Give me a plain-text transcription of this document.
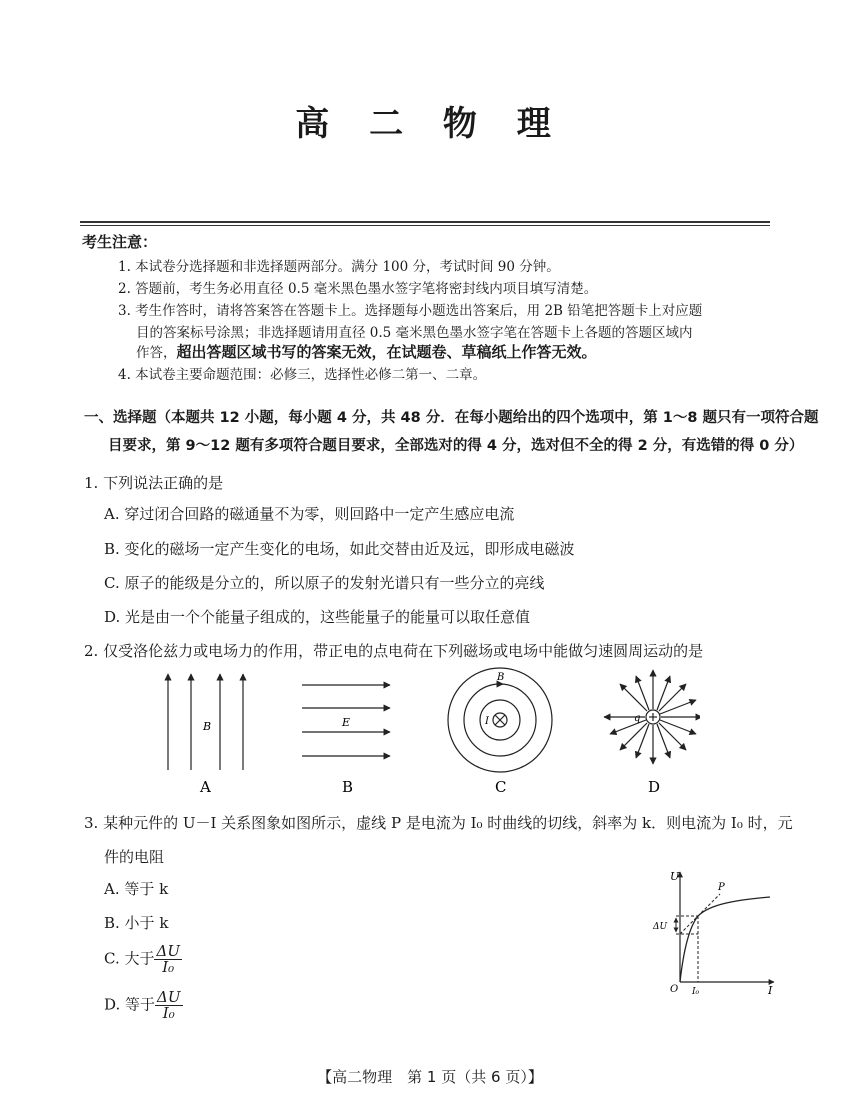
高 二 物 理
考生注意：
1. 本试卷分选择题和非选择题两部分。满分 100 分，考试时间 90 分钟。
2. 答题前，考生务必用直径 0.5 毫米黑色墨水签字笔将密封线内项目填写清楚。
3. 考生作答时，请将答案答在答题卡上。选择题每小题选出答案后，用 2B 铅笔把答题卡上对应题
目的答案标号涂黑；非选择题请用直径 0.5 毫米黑色墨水签字笔在答题卡上各题的答题区域内
作答，超出答题区域书写的答案无效，在试题卷、草稿纸上作答无效。
4. 本试卷主要命题范围：必修三，选择性必修二第一、二章。
一、选择题（本题共 12 小题，每小题 4 分，共 48 分．在每小题给出的四个选项中，第 1～8 题只有一项符合题
目要求，第 9～12 题有多项符合题目要求，全部选对的得 4 分，选对但不全的得 2 分，有选错的得 0 分）
1. 下列说法正确的是
A. 穿过闭合回路的磁通量不为零，则回路中一定产生感应电流
B. 变化的磁场一定产生变化的电场，如此交替由近及远，即形成电磁波
C. 原子的能级是分立的，所以原子的发射光谱只有一些分立的亮线
D. 光是由一个个能量子组成的，这些能量子的能量可以取任意值
2. 仅受洛伦兹力或电场力的作用，带正电的点电荷在下列磁场或电场中能做匀速圆周运动的是
B	E
B
I	q
A	B	C	D
3. 某种元件的 U－I 关系图象如图所示，虚线 P 是电流为 I₀ 时曲线的切线，斜率为 k．则电流为 I₀ 时，元
件的电阻
A. 等于 k
B. 小于 k
C. 大于 $\frac{\Delta U}{\text{I₀}}$
D. 等于 $\frac{\Delta U}{\text{I₀}}$
U
I
O I₀
ΔU
P
【高二物理　第 1 页（共 6 页）】
